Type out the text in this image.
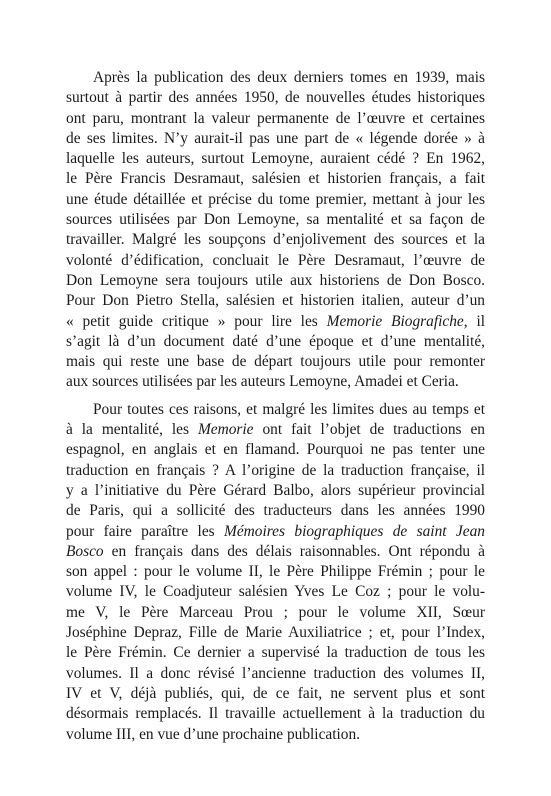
Après la publication des deux derniers tomes en 1939, mais
surtout à partir des années 1950, de nouvelles études historiques
ont paru, montrant la valeur permanente de l’œuvre et certaines
de ses limites. N’y aurait-il pas une part de « légende dorée » à
laquelle les auteurs, surtout Lemoyne, auraient cédé ? En 1962,
le Père Francis Desramaut, salésien et historien français, a fait
une étude détaillée et précise du tome premier, mettant à jour les
sources utilisées par Don Lemoyne, sa mentalité et sa façon de
travailler. Malgré les soupçons d’enjolivement des sources et la
volonté d’édification, concluait le Père Desramaut, l’œuvre de
Don Lemoyne sera toujours utile aux historiens de Don Bosco.
Pour Don Pietro Stella, salésien et historien italien, auteur d’un
« petit guide critique » pour lire les Memorie Biografiche, il
s’agit là d’un document daté d’une époque et d’une mentalité,
mais qui reste une base de départ toujours utile pour remonter
aux sources utilisées par les auteurs Lemoyne, Amadei et Ceria.

Pour toutes ces raisons, et malgré les limites dues au temps et
à la mentalité, les Memorie ont fait l’objet de traductions en
espagnol, en anglais et en flamand. Pourquoi ne pas tenter une
traduction en français ? A l’origine de la traduction française, il
y a l’initiative du Père Gérard Balbo, alors supérieur provincial
de Paris, qui a sollicité des traducteurs dans les années 1990
pour faire paraître les Mémoires biographiques de saint Jean
Bosco en français dans des délais raisonnables. Ont répondu à
son appel : pour le volume II, le Père Philippe Frémin ; pour le
volume IV, le Coadjuteur salésien Yves Le Coz ; pour le volu-
me V, le Père Marceau Prou ; pour le volume XII, Sœur
Joséphine Depraz, Fille de Marie Auxiliatrice ; et, pour l’Index,
le Père Frémin. Ce dernier a supervisé la traduction de tous les
volumes. Il a donc révisé l’ancienne traduction des volumes II,
IV et V, déjà publiés, qui, de ce fait, ne servent plus et sont
désormais remplacés. Il travaille actuellement à la traduction du
volume III, en vue d’une prochaine publication.
